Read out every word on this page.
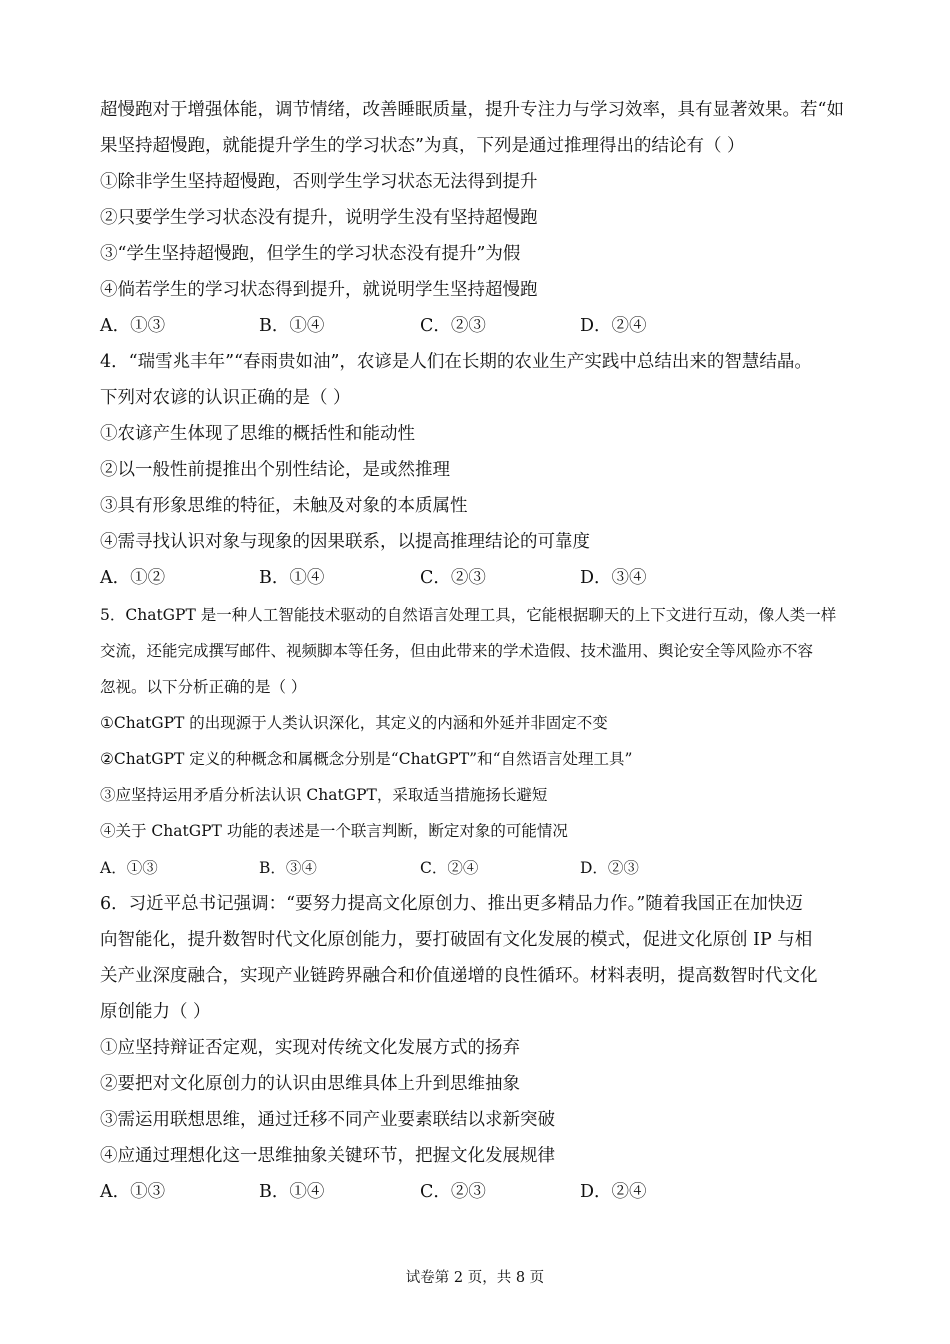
超慢跑对于增强体能，调节情绪，改善睡眠质量，提升专注力与学习效率，具有显著效果。若“如
果坚持超慢跑，就能提升学生的学习状态”为真，下列是通过推理得出的结论有（ ）
①除非学生坚持超慢跑，否则学生学习状态无法得到提升
②只要学生学习状态没有提升，说明学生没有坚持超慢跑
③“学生坚持超慢跑，但学生的学习状态没有提升”为假
④倘若学生的学习状态得到提升，就说明学生坚持超慢跑
A．①③	B．①④	C．②③	D．②④
4．“瑞雪兆丰年”“春雨贵如油”，农谚是人们在长期的农业生产实践中总结出来的智慧结晶。
下列对农谚的认识正确的是（ ）
①农谚产生体现了思维的概括性和能动性
②以一般性前提推出个别性结论，是或然推理
③具有形象思维的特征，未触及对象的本质属性
④需寻找认识对象与现象的因果联系，以提高推理结论的可靠度
A．①②	B．①④	C．②③	D．③④
5．ChatGPT 是一种人工智能技术驱动的自然语言处理工具，它能根据聊天的上下文进行互动，像人类一样
交流，还能完成撰写邮件、视频脚本等任务，但由此带来的学术造假、技术滥用、舆论安全等风险亦不容
忽视。以下分析正确的是（ ）
①ChatGPT 的出现源于人类认识深化，其定义的内涵和外延并非固定不变
②ChatGPT 定义的种概念和属概念分别是“ChatGPT”和“自然语言处理工具”
③应坚持运用矛盾分析法认识 ChatGPT，采取适当措施扬长避短
④关于 ChatGPT 功能的表述是一个联言判断，断定对象的可能情况
A．①③	B．③④	C．②④	D．②③
6．习近平总书记强调：“要努力提高文化原创力、推出更多精品力作。”随着我国正在加快迈
向智能化，提升数智时代文化原创能力，要打破固有文化发展的模式，促进文化原创 IP 与相
关产业深度融合，实现产业链跨界融合和价值递增的良性循环。材料表明，提高数智时代文化
原创能力（ ）
①应坚持辩证否定观，实现对传统文化发展方式的扬弃
②要把对文化原创力的认识由思维具体上升到思维抽象
③需运用联想思维，通过迁移不同产业要素联结以求新突破
④应通过理想化这一思维抽象关键环节，把握文化发展规律
A．①③	B．①④	C．②③	D．②④
试卷第 2 页，共 8 页
